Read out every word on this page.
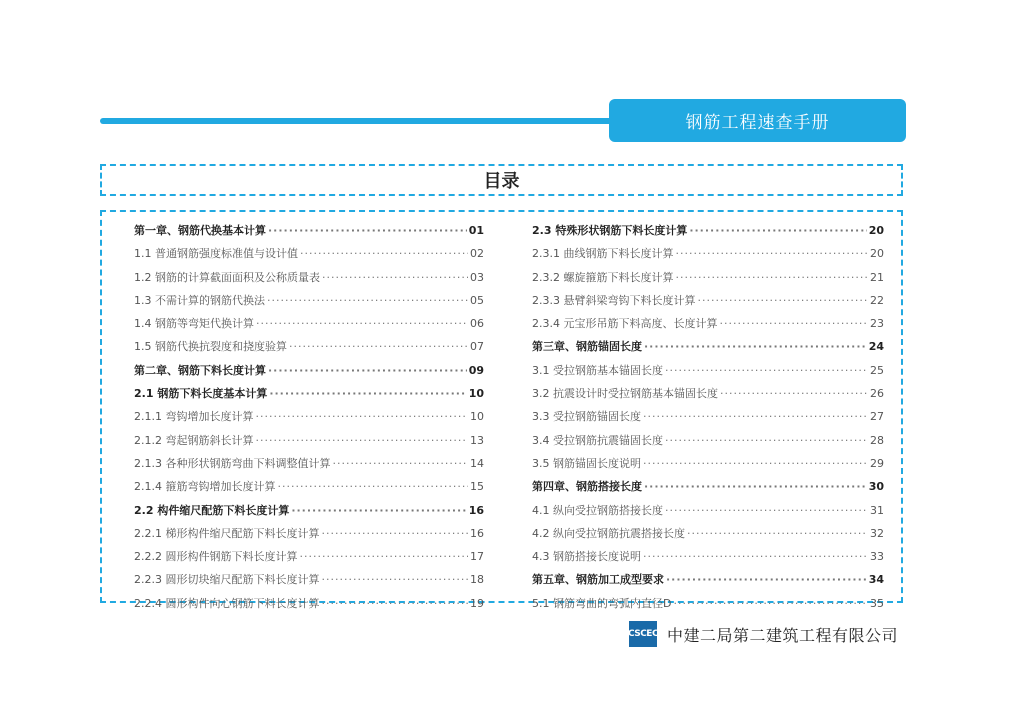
钢筋工程速查手册
目录
第一章、钢筋代换基本计算 ·····	01
1.1 普通钢筋强度标准值与设计值 ·····	02
1.2 钢筋的计算截面面积及公称质量表 ·····	03
1.3 不需计算的钢筋代换法 ·····	05
1.4 钢筋等弯矩代换计算 ·····	06
1.5 钢筋代换抗裂度和挠度验算 ·····	07
第二章、钢筋下料长度计算 ·····	09
2.1 钢筋下料长度基本计算 ·····	10
2.1.1 弯钩增加长度计算 ·····	10
2.1.2 弯起钢筋斜长计算 ·····	13
2.1.3 各种形状钢筋弯曲下料调整值计算 ·····	14
2.1.4 箍筋弯钩增加长度计算 ·····	15
2.2 构件缩尺配筋下料长度计算 ·····	16
2.2.1 梯形构件缩尺配筋下料长度计算 ·····	16
2.2.2 圆形构件钢筋下料长度计算 ·····	17
2.2.3 圆形切块缩尺配筋下料长度计算 ·····	18
2.2.4 圆形构件向心钢筋下料长度计算 ·····	19
2.3 特殊形状钢筋下料长度计算 ·····	20
2.3.1 曲线钢筋下料长度计算 ·····	20
2.3.2 螺旋箍筋下料长度计算 ·····	21
2.3.3 悬臂斜梁弯钩下料长度计算 ·····	22
2.3.4 元宝形吊筋下料高度、长度计算 ·····	23
第三章、钢筋锚固长度 ·····	24
3.1 受拉钢筋基本锚固长度 ·····	25
3.2 抗震设计时受拉钢筋基本锚固长度 ·····	26
3.3 受拉钢筋锚固长度 ·····	27
3.4 受拉钢筋抗震锚固长度 ·····	28
3.5 钢筋锚固长度说明 ·····	29
第四章、钢筋搭接长度 ·····	30
4.1 纵向受拉钢筋搭接长度 ·····	31
4.2 纵向受拉钢筋抗震搭接长度 ·····	32
4.3 钢筋搭接长度说明 ·····	33
第五章、钢筋加工成型要求 ·····	34
5.1 钢筋弯曲的弯弧内直径D ·····	35
CSCEC 中建二局第二建筑工程有限公司
